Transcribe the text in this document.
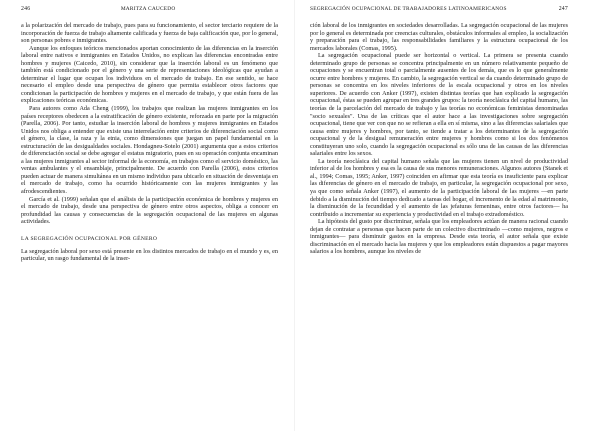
246	MARITZA CAUCEDO

a la polarización del mercado de trabajo, pues para su funcionamiento, el sector terciario requiere de la incorporación de fuerza de trabajo altamente calificada y fuerza de baja calificación que, por lo general, son personas pobres e inmigrantes.

Aunque los enfoques teóricos mencionados aportan conocimiento de las diferencias en la inserción laboral entre nativos e inmigrantes en Estados Unidos, no explican las diferencias encontradas entre hombres y mujeres (Caicedo, 2010), sin considerar que la inserción laboral es un fenómeno que también está condicionado por el género y una serie de representaciones ideológicas que ayudan a determinar el lugar que ocupan los individuos en el mercado de trabajo. En ese sentido, se hace necesario el empleo desde una perspectiva de género que permita establecer otros factores que condicionan la participación de hombres y mujeres en el mercado de trabajo, y que están fuera de las explicaciones teóricas económicas.

Para autores como Ada Cheng (1999), los trabajos que realizan las mujeres inmigrantes en los países receptores obedecen a la estratificación de género existente, reforzada en parte por la migración (Parella, 2006). Por tanto, estudiar la inserción laboral de hombres y mujeres inmigrantes en Estados Unidos nos obliga a entender que existe una interrelación entre criterios de diferenciación social como el género, la clase, la raza y la etnia, como dimensiones que juegan un papel fundamental en la estructuración de las desigualdades sociales. Hondagneu-Sotelo (2001) argumenta que a estos criterios de diferenciación social se debe agregar el estatus migratorio, pues en su operación conjunta encaminan a las mujeres inmigrantes al sector informal de la economía, en trabajos como el servicio doméstico, las ventas ambulantes y el ensamblaje, principalmente. De acuerdo con Parella (2006), estos criterios pueden actuar de manera simultánea en un mismo individuo para ubicarlo en situación de desventaja en el mercado de trabajo, como ha ocurrido históricamente con las mujeres inmigrantes y las afrodescendientes.

García et al. (1999) señalan que el análisis de la participación económica de hombres y mujeres en el mercado de trabajo, desde una perspectiva de género entre otros aspectos, obliga a conocer en profundidad las causas y consecuencias de la segregación ocupacional de las mujeres en algunas actividades.

LA SEGREGACIÓN OCUPACIONAL POR GÉNERO

La segregación laboral por sexo está presente en los distintos mercados de trabajo en el mundo y es, en particular, un rasgo fundamental de la inser-

SEGREGACIÓN OCUPACIONAL DE TRABAJADORES LATINOAMERICANOS	247

ción laboral de los inmigrantes en sociedades desarrolladas. La segregación ocupacional de las mujeres por lo general es determinada por creencias culturales, obstáculos informales al empleo, la socialización y preparación para el trabajo, las responsabilidades familiares y la estructura ocupacional de los mercados laborales (Comas, 1995).

La segregación ocupacional puede ser horizontal o vertical. La primera se presenta cuando determinado grupo de personas se concentra principalmente en un número relativamente pequeño de ocupaciones y se encuentran total o parcialmente ausentes de los demás, que es lo que generalmente ocurre entre hombres y mujeres. En cambio, la segregación vertical se da cuando determinado grupo de personas se concentra en los niveles inferiores de la escala ocupacional y otros en los niveles superiores. De acuerdo con Anker (1997), existen distintas teorías que han explicado la segregación ocupacional, éstas se pueden agrupar en tres grandes grupos: la teoría neoclásica del capital humano, las teorías de la parcelación del mercado de trabajo y las teorías no económicas feministas denominadas "socio sexuales". Una de las críticas que el autor hace a las investigaciones sobre segregación ocupacional, tiene que ver con que no se refieran a ella en sí misma, sino a las diferencias salariales que causa entre mujeres y hombres, por tanto, se tiende a tratar a los determinantes de la segregación ocupacional y de la desigual remuneración entre mujeres y hombres como si los dos fenómenos constituyeran uno solo, cuando la segregación ocupacional es sólo una de las causas de las diferencias salariales entre los sexos.

La teoría neoclásica del capital humano señala que las mujeres tienen un nivel de productividad inferior al de los hombres y esa es la causa de sus menores remuneraciones. Algunos autores (Stanek et al., 1994; Comas, 1995; Anker, 1997) coinciden en afirmar que esta teoría es insuficiente para explicar las diferencias de género en el mercado de trabajo, en particular, la segregación ocupacional por sexo, ya que como señala Anker (1997), el aumento de la participación laboral de las mujeres —en parte debido a la disminución del tiempo dedicado a tareas del hogar, el incremento de la edad al matrimonio, la disminución de la fecundidad y el aumento de las jefaturas femeninas, entre otros factores— ha contribuido a incrementar su experiencia y productividad en el trabajo extradoméstico.

La hipótesis del gusto por discriminar, señala que los empleadores actúan de manera racional cuando dejan de contratar a personas que hacen parte de un colectivo discriminado —como mujeres, negros e inmigrantes— para disminuir gastos en la empresa. Desde esta teoría, el autor señala que existe discriminación en el mercado hacia las mujeres y que los empleadores están dispuestos a pagar mayores salarios a los hombres, aunque los niveles de
